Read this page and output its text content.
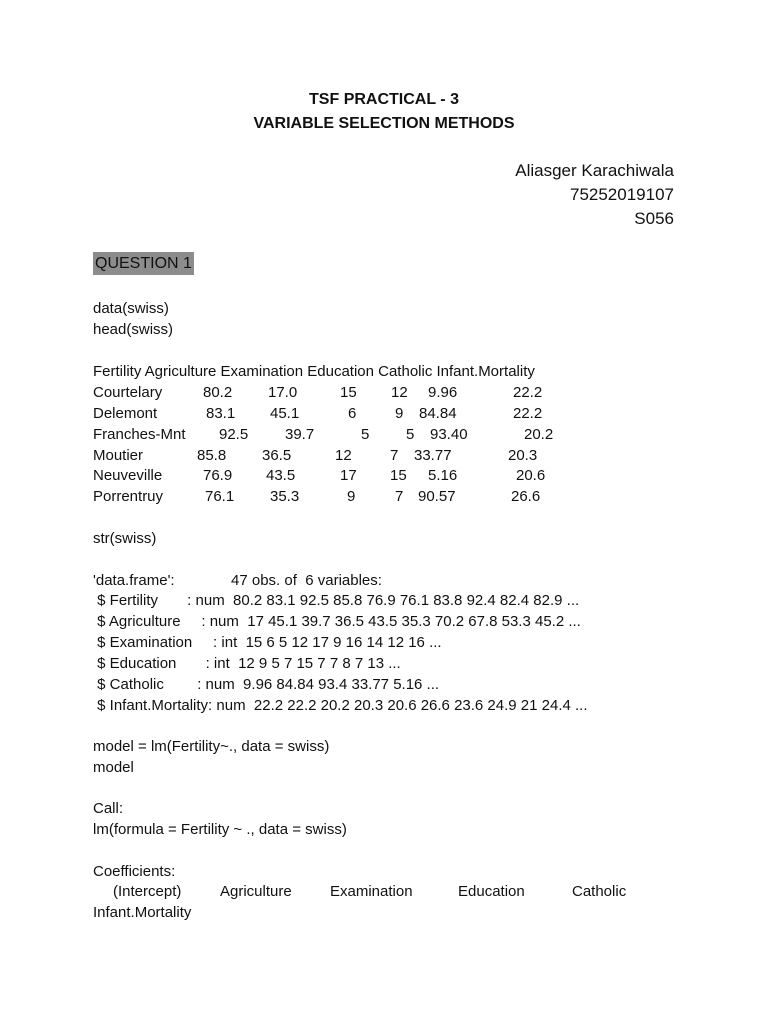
TSF PRACTICAL - 3
VARIABLE SELECTION METHODS
Aliasger Karachiwala
75252019107
S056
QUESTION 1
data(swiss)
head(swiss)
Fertility Agriculture Examination Education Catholic Infant.Mortality
Courtelary	80.2 17.0	15 12 9.96	22.2
Delemont	83.1 45.1	6	9 84.84	22.2
Franches-Mnt 92.5 39.7	5 5 93.40	20.2
Moutier	85.8 36.5	12	7 33.77	20.3
Neuveville	76.9 43.5	17 15 5.16	20.6
Porrentruy	76.1 35.3	9	7 90.57	26.6
str(swiss)
'data.frame':	47 obs. of  6 variables:
$ Fertility       : num  80.2 83.1 92.5 85.8 76.9 76.1 83.8 92.4 82.4 82.9 ...
$ Agriculture     : num  17 45.1 39.7 36.5 43.5 35.3 70.2 67.8 53.3 45.2 ...
$ Examination     : int  15 6 5 12 17 9 16 14 12 16 ...
$ Education       : int  12 9 5 7 15 7 7 8 7 13 ...
$ Catholic        : num  9.96 84.84 93.4 33.77 5.16 ...
$ Infant.Mortality: num  22.2 22.2 20.2 20.3 20.6 26.6 23.6 24.9 21 24.4 ...
model = lm(Fertility~., data = swiss)
model
Call:
lm(formula = Fertility ~ ., data = swiss)
Coefficients:
(Intercept)	Agriculture	Examination	Education	Catholic
Infant.Mortality
